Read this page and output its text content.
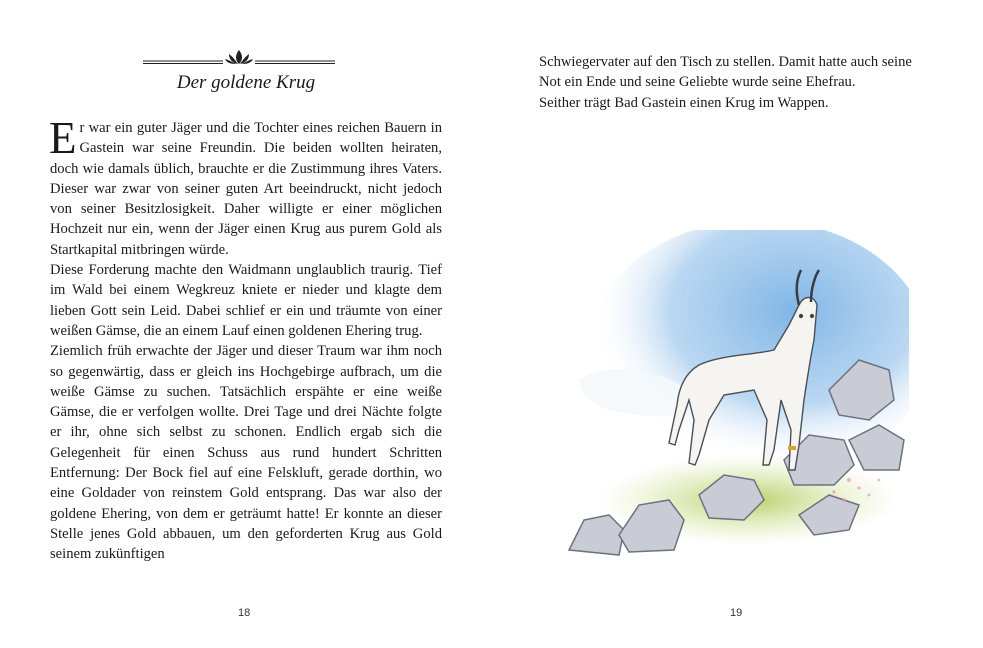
Der goldene Krug

Er war ein guter Jäger und die Tochter eines reichen Bauern in Gastein war seine Freundin. Die beiden wollten heiraten, doch wie damals üblich, brauchte er die Zustimmung ihres Vaters. Dieser war zwar von seiner guten Art beeindruckt, nicht jedoch von seiner Besitzlosigkeit. Daher willigte er einer möglichen Hochzeit nur ein, wenn der Jäger einen Krug aus purem Gold als Startkapital mitbringen würde.

Diese Forderung machte den Waidmann unglaublich traurig. Tief im Wald bei einem Wegkreuz kniete er nieder und klagte dem lieben Gott sein Leid. Dabei schlief er ein und träumte von einer weißen Gämse, die an einem Lauf einen goldenen Ehering trug.

Ziemlich früh erwachte der Jäger und dieser Traum war ihm noch so gegenwärtig, dass er gleich ins Hochgebirge aufbrach, um die weiße Gämse zu suchen. Tatsächlich erspähte er eine weiße Gämse, die er verfolgen wollte. Drei Tage und drei Nächte folgte er ihr, ohne sich selbst zu schonen. Endlich ergab sich die Gelegenheit für einen Schuss aus rund hundert Schritten Entfernung: Der Bock fiel auf eine Felskluft, gerade dorthin, wo eine Goldader von reinstem Gold entsprang. Das war also der goldene Ehering, von dem er geträumt hatte! Er konnte an dieser Stelle jenes Gold abbauen, um den geforderten Krug aus Gold seinem zukünftigen

18

Schwiegervater auf den Tisch zu stellen. Damit hatte auch seine

Not ein Ende und seine Geliebte wurde seine Ehefrau.

Seither trägt Bad Gastein einen Krug im Wappen.

19
